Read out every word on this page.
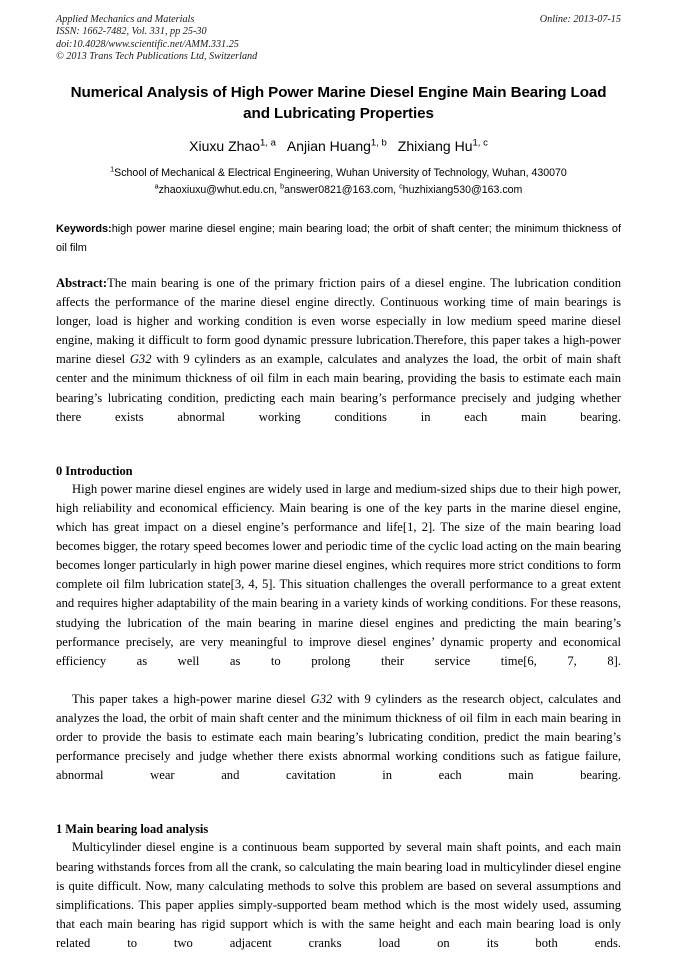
Applied Mechanics and Materials
ISSN: 1662-7482, Vol. 331, pp 25-30
doi:10.4028/www.scientific.net/AMM.331.25
© 2013 Trans Tech Publications Ltd, Switzerland
Online: 2013-07-15
Numerical Analysis of High Power Marine Diesel Engine Main Bearing Load and Lubricating Properties
Xiuxu Zhao$^{1, a}$ Anjian Huang$^{1, b}$ Zhixiang Hu$^{1, c}$
$^1$School of Mechanical & Electrical Engineering, Wuhan University of Technology, Wuhan, 430070
$^a$zhaoxiuxu@whut.edu.cn, $^b$answer0821@163.com, $^c$huzhixiang530@163.com
Keywords:high power marine diesel engine; main bearing load; the orbit of shaft center; the minimum thickness of oil film
Abstract:The main bearing is one of the primary friction pairs of a diesel engine. The lubrication condition affects the performance of the marine diesel engine directly. Continuous working time of main bearings is longer, load is higher and working condition is even worse especially in low medium speed marine diesel engine, making it difficult to form good dynamic pressure lubrication.Therefore, this paper takes a high-power marine diesel G32 with 9 cylinders as an example, calculates and analyzes the load, the orbit of main shaft center and the minimum thickness of oil film in each main bearing, providing the basis to estimate each main bearing’s lubricating condition, predicting each main bearing’s performance precisely and judging whether there exists abnormal working conditions in each main bearing.
0 Introduction

High power marine diesel engines are widely used in large and medium-sized ships due to their high power, high reliability and economical efficiency. Main bearing is one of the key parts in the marine diesel engine, which has great impact on a diesel engine’s performance and life[1, 2]. The size of the main bearing load becomes bigger, the rotary speed becomes lower and periodic time of the cyclic load acting on the main bearing becomes longer particularly in high power marine diesel engines, which requires more strict conditions to form complete oil film lubrication state[3, 4, 5]. This situation challenges the overall performance to a great extent and requires higher adaptability of the main bearing in a variety kinds of working conditions. For these reasons, studying the lubrication of the main bearing in marine diesel engines and predicting the main bearing’s performance precisely, are very meaningful to improve diesel engines’ dynamic property and economical efficiency as well as to prolong their service time[6, 7, 8].

This paper takes a high-power marine diesel G32 with 9 cylinders as the research object, calculates and analyzes the load, the orbit of main shaft center and the minimum thickness of oil film in each main bearing in order to provide the basis to estimate each main bearing’s lubricating condition, predict the main bearing’s performance precisely and judge whether there exists abnormal working conditions such as fatigue failure, abnormal wear and cavitation in each main bearing.

1 Main bearing load analysis

Multicylinder diesel engine is a continuous beam supported by several main shaft points, and each main bearing withstands forces from all the crank, so calculating the main bearing load in multicylinder diesel engine is quite difficult. Now, many calculating methods to solve this problem are based on several assumptions and simplifications. This paper applies simply-supported beam method which is the most widely used, assuming that each main bearing has rigid support which is with the same height and each main bearing load is only related to two adjacent cranks load on its both ends.
